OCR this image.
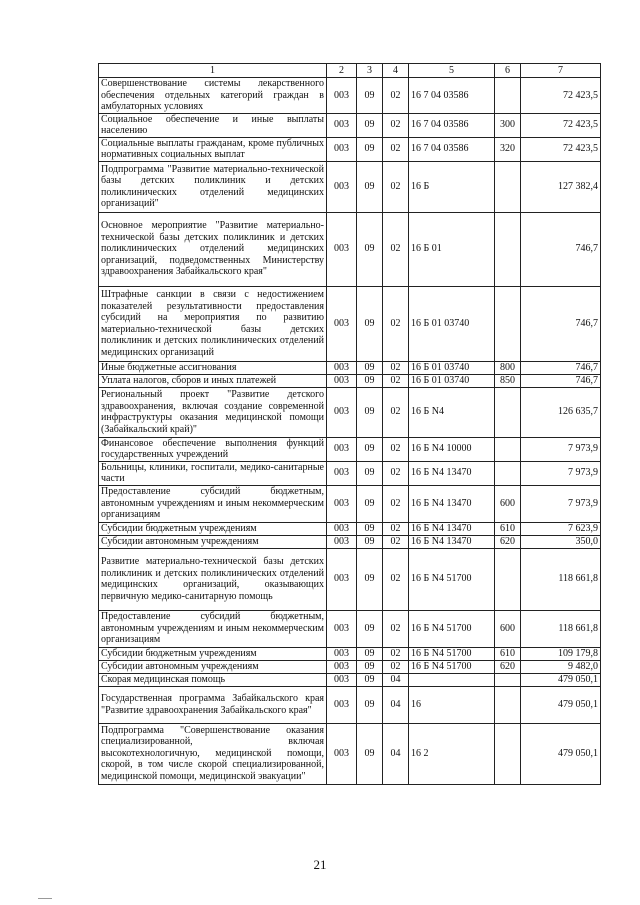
1	2	3	4	5	6	7
Совершенствование системы лекарственного обеспечения отдельных категорий граждан в амбулаторных условиях	003	09	02	16 7 04 03586		72 423,5
Социальное обеспечение и иные выплаты населению	003	09	02	16 7 04 03586	300	72 423,5
Социальные выплаты гражданам, кроме публичных нормативных социальных выплат	003	09	02	16 7 04 03586	320	72 423,5
Подпрограмма "Развитие материально-технической базы детских поликлиник и детских поликлинических отделений медицинских организаций"	003	09	02	16 Б		127 382,4
Основное мероприятие "Развитие материально-технической базы детских поликлиник и детских поликлинических отделений медицинских организаций, подведомственных Министерству здравоохранения Забайкальского края"	003	09	02	16 Б 01		746,7
Штрафные санкции в связи с недостижением показателей результативности предоставления субсидий на мероприятия по развитию материально-технической базы детских поликлиник и детских поликлинических отделений медицинских организаций	003	09	02	16 Б 01 03740		746,7
Иные бюджетные ассигнования	003	09	02	16 Б 01 03740	800	746,7
Уплата налогов, сборов и иных платежей	003	09	02	16 Б 01 03740	850	746,7
Региональный проект "Развитие детского здравоохранения, включая создание современной инфраструктуры оказания медицинской помощи (Забайкальский край)"	003	09	02	16 Б N4		126 635,7
Финансовое обеспечение выполнения функций государственных учреждений	003	09	02	16 Б N4 10000		7 973,9
Больницы, клиники, госпитали, медико-санитарные части	003	09	02	16 Б N4 13470		7 973,9
Предоставление субсидий бюджетным, автономным учреждениям и иным некоммерческим организациям	003	09	02	16 Б N4 13470	600	7 973,9
Субсидии бюджетным учреждениям	003	09	02	16 Б N4 13470	610	7 623,9
Субсидии автономным учреждениям	003	09	02	16 Б N4 13470	620	350,0
Развитие материально-технической базы детских поликлиник и детских поликлинических отделений медицинских организаций, оказывающих первичную медико-санитарную помощь	003	09	02	16 Б N4 51700		118 661,8
Предоставление субсидий бюджетным, автономным учреждениям и иным некоммерческим организациям	003	09	02	16 Б N4 51700	600	118 661,8
Субсидии бюджетным учреждениям	003	09	02	16 Б N4 51700	610	109 179,8
Субсидии автономным учреждениям	003	09	02	16 Б N4 51700	620	9 482,0
Скорая медицинская помощь	003	09	04			479 050,1
Государственная программа Забайкальского края "Развитие здравоохранения Забайкальского края"	003	09	04	16		479 050,1
Подпрограмма "Совершенствование оказания специализированной, включая высокотехнологичную, медицинской помощи, скорой, в том числе скорой специализированной, медицинской помощи, медицинской эвакуации"	003	09	04	16 2		479 050,1
21
